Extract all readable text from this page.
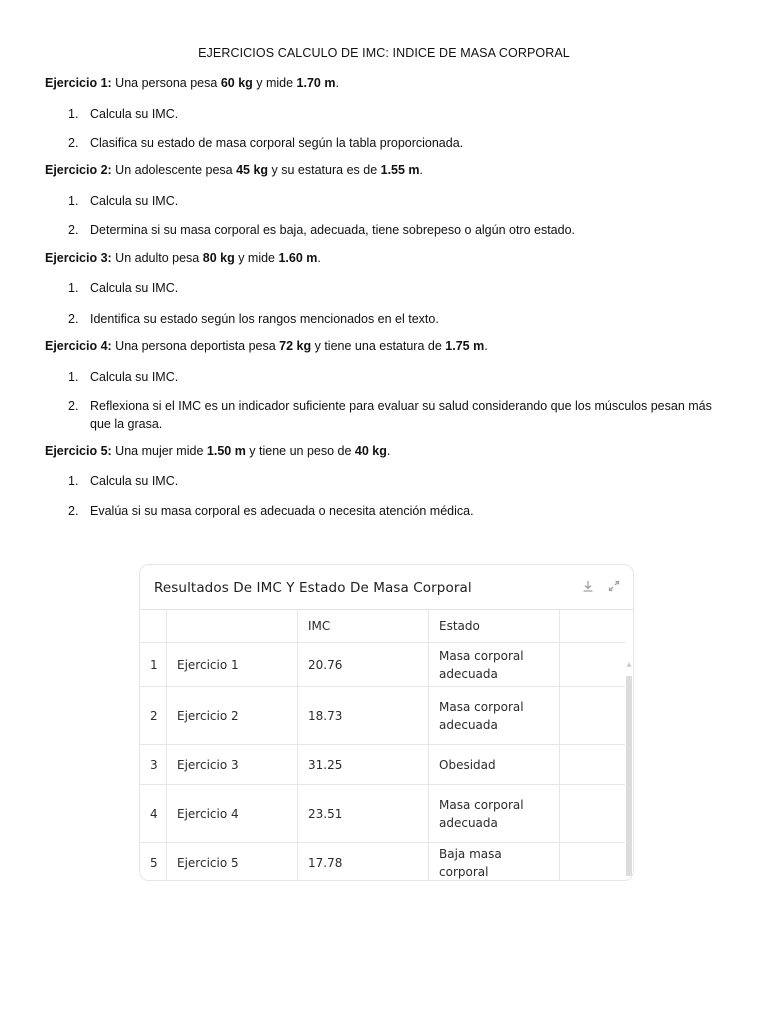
EJERCICIOS CALCULO DE IMC: INDICE DE MASA CORPORAL
Ejercicio 1: Una persona pesa 60 kg y mide 1.70 m.
1. Calcula su IMC.
2. Clasifica su estado de masa corporal según la tabla proporcionada.
Ejercicio 2: Un adolescente pesa 45 kg y su estatura es de 1.55 m.
1. Calcula su IMC.
2. Determina si su masa corporal es baja, adecuada, tiene sobrepeso o algún otro estado.
Ejercicio 3: Un adulto pesa 80 kg y mide 1.60 m.
1. Calcula su IMC.
2. Identifica su estado según los rangos mencionados en el texto.
Ejercicio 4: Una persona deportista pesa 72 kg y tiene una estatura de 1.75 m.
1. Calcula su IMC.
2. Reflexiona si el IMC es un indicador suficiente para evaluar su salud considerando que los músculos pesan más que la grasa.
Ejercicio 5: Una mujer mide 1.50 m y tiene un peso de 40 kg.
1. Calcula su IMC.
2. Evalúa si su masa corporal es adecuada o necesita atención médica.
Resultados De IMC Y Estado De Masa Corporal
		IMC	Estado	
1	Ejercicio 1	20.76	Masa corporal adecuada	
2	Ejercicio 2	18.73	Masa corporal adecuada	
3	Ejercicio 3	31.25	Obesidad	
4	Ejercicio 4	23.51	Masa corporal adecuada	
5	Ejercicio 5	17.78	Baja masa corporal	
▲
